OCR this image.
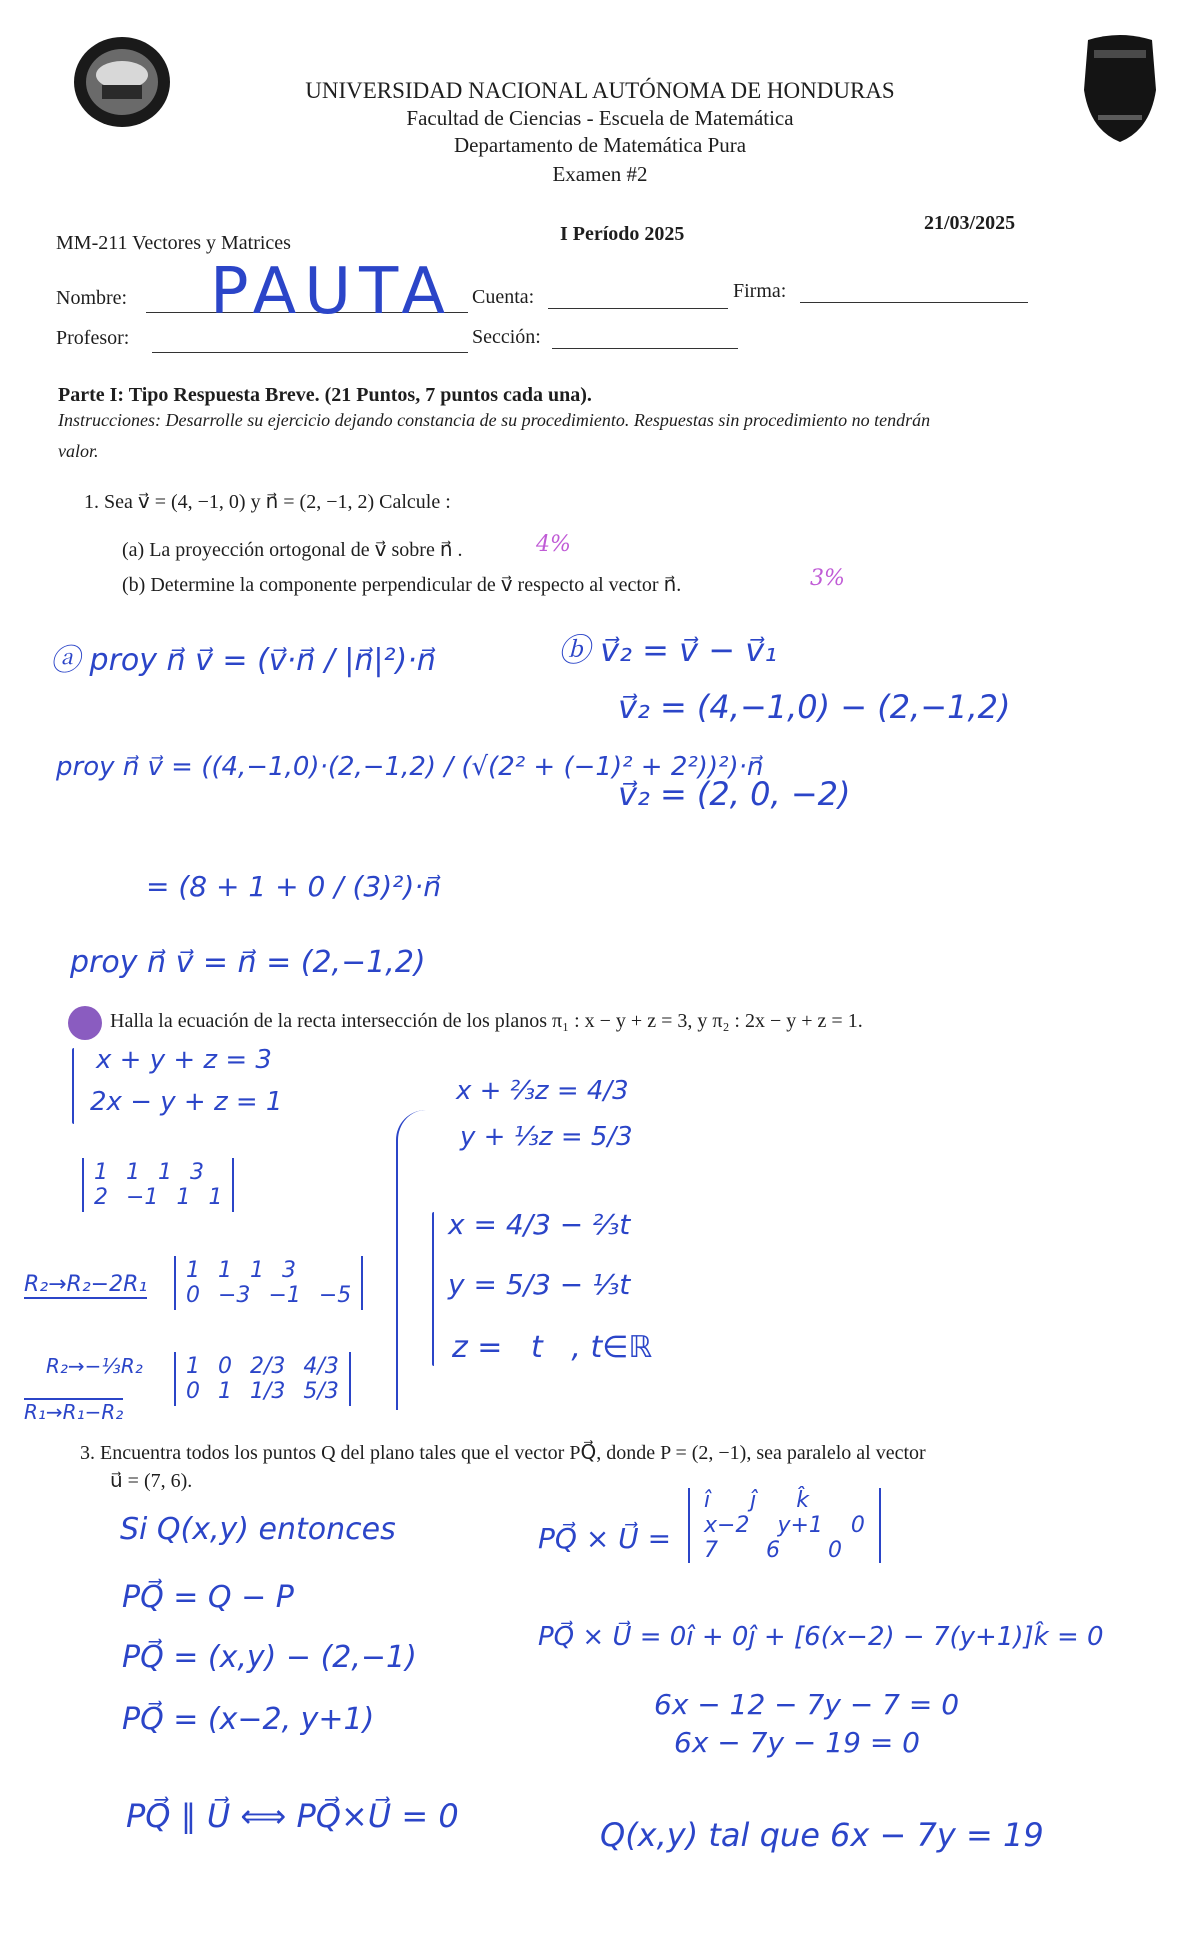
UNIVERSIDAD NACIONAL AUTÓNOMA DE HONDURAS
Facultad de Ciencias - Escuela de Matemática
Departamento de Matemática Pura
Examen #2
MM-211 Vectores y Matrices	I Período 2025	21/03/2025
Nombre: PAUTA Cuenta:	Firma:
Profesor:	Sección:
Parte I: Tipo Respuesta Breve. (21 Puntos, 7 puntos cada una).
Instrucciones: Desarrolle su ejercicio dejando constancia de su procedimiento. Respuestas sin procedimiento no tendrán
valor.
1. Sea v⃗ = (4, −1, 0) y n⃗ = (2, −1, 2) Calcule :
(a) La proyección ortogonal de v⃗ sobre n⃗ .	4%
(b) Determine la componente perpendicular de v⃗ respecto al vector n⃗.	3%
ⓐ proy n⃗ v⃗ = (v⃗·n⃗ / |n⃗|²)·n⃗
proy n⃗ v⃗ = ((4,−1,0)·(2,−1,2) / (√(2² + (−1)² + 2²))²)·n⃗
= (8 + 1 + 0 / (3)²)·n⃗
proy n⃗ v⃗ = n⃗ = (2,−1,2)
ⓑ v⃗₂ = v⃗ − v⃗₁
v⃗₂ = (4,−1,0) − (2,−1,2)
v⃗₂ = (2, 0, −2)
Halla la ecuación de la recta intersección de los planos π₁ : x − y + z = 3, y π₂ : 2x − y + z = 1.
x + y + z = 3
2x − y + z = 1
1 1 1 3
2 −1 1 1
R₂→R₂−2R₁
1 1 1 3
0 −3 −1 −5
R₂→−⅓R₂
R₁→R₁−R₂
1 0 2/3 4/3
0 1 1/3 5/3
x + ⅔z = 4/3
y + ⅓z = 5/3
x = 4/3 − ⅔t
y = 5/3 − ⅓t
z =   t   , t∈ℝ
3. Encuentra todos los puntos Q del plano tales que el vector PQ⃗, donde P = (2, −1), sea paralelo al vector
u⃗ = (7, 6).
Si Q(x,y) entonces
PQ⃗ = Q − P
PQ⃗ = (x,y) − (2,−1)
PQ⃗ = (x−2, y+1)
PQ⃗ ∥ U⃗ ⟺ PQ⃗×U⃗ = 0
PQ⃗ × U⃗ =
î ĵ k̂
x−2 y+1 0
7 6 0
PQ⃗ × U⃗ = 0î + 0ĵ + [6(x−2) − 7(y+1)]k̂ = 0
6x − 12 − 7y − 7 = 0
6x − 7y − 19 = 0
Q(x,y) tal que 6x − 7y = 19
